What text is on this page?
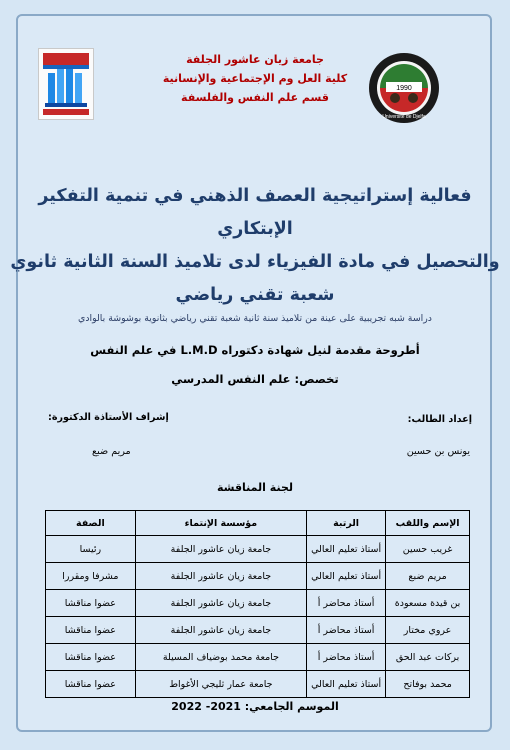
1990
Université de Djelfa
جامعة زيان عاشور الجلفة
كلية العل وم الإجتماعية والإنسانية
قسم علم النفس والفلسفة
فعالية إستراتيجية العصف الذهني في تنمية التفكير الإبتكاري
والتحصيل في مادة الفيزياء لدى تلاميذ السنة الثانية ثانوي
شعبة تقني رياضي
دراسة شبه تجريبية على عينة من تلاميذ سنة ثانية شعبة تقني رياضي بثانوية بوشوشة بالوادي
أطروحة مقدمة لنيل شهادة دكتوراه L.M.D في علم النفس
تخصص: علم النفس المدرسي
إعداد الطالب:
إشراف الأستاذة الدكتورة:
يونس بن حسين
مريم ضبع
لجنة المناقشة
الإسم واللقب	الرتبة	مؤسسة الإنتماء	الصفة
غريب حسين	أستاذ تعليم العالي	جامعة زيان عاشور الجلفة	رئيسا
مريم ضبع	أستاذ تعليم العالي	جامعة زيان عاشور الجلفة	مشرفا ومقررا
بن قيدة مسعودة	أستاذ محاضر أ	جامعة زيان عاشور الجلفة	عضوا مناقشا
عروي مختار	أستاذ محاضر أ	جامعة زيان عاشور الجلفة	عضوا مناقشا
بركات عبد الحق	أستاذ محاضر أ	جامعة محمد بوضياف المسيلة	عضوا مناقشا
محمد بوفاتح	أستاذ تعليم العالي	جامعة عمار ثليجي الأغواط	عضوا مناقشا
الموسم الجامعي: 2021- 2022
